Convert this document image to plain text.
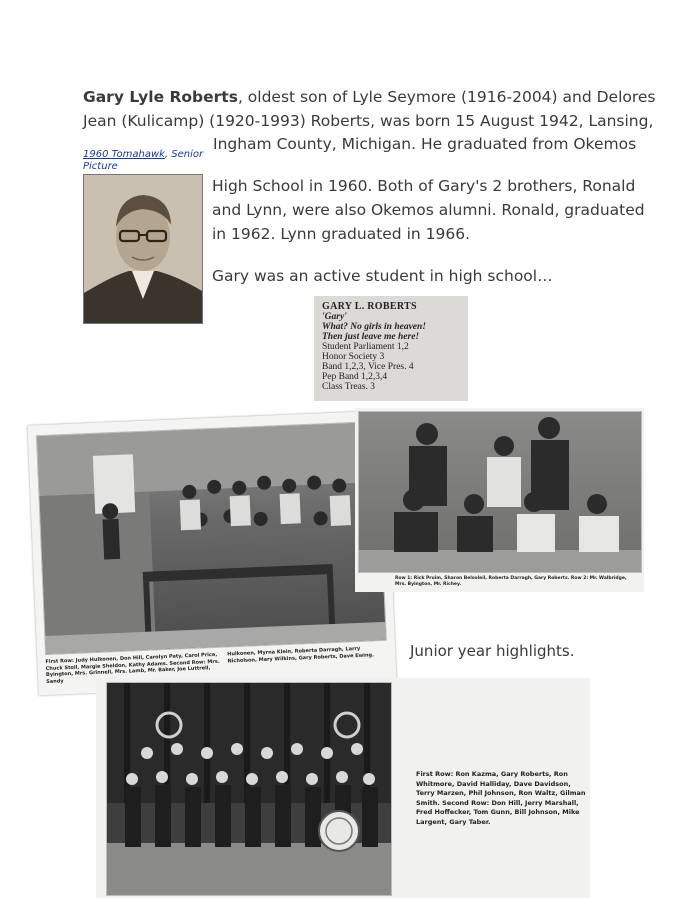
Gary Lyle Roberts, oldest son of Lyle Seymore (1916-2004) and Delores
Jean (Kulicamp) (1920-1993) Roberts, was born 15 August 1942, Lansing,
Ingham County, Michigan. He graduated from Okemos
High School in 1960. Both of Gary's 2 brothers, Ronald
and Lynn, were also Okemos alumni. Ronald, graduated
in 1962. Lynn graduated in 1966.
Gary was an active student in high school…
1960 Tomahawk, Senior Picture
GARY L. ROBERTS
'Gary'
What? No girls in heaven!
Then just leave me here!
Student Parliament 1,2
Honor Society 3
Band 1,2,3, Vice Pres. 4
Pep Band 1,2,3,4
Class Treas. 3
First Row: Judy Hulkonen, Don Hill, Carolyn Paty, Carol Price, Chuck Stoll, Margie Sheldon, Kathy Adams. Second Row: Mrs. Byington, Mrs. Grinnell, Mrs. Lamb, Mr. Baker, Joe Luttrell, Sandy
Hulkonen, Myrna Klein, Roberta Darragh, Larry Nicholson, Mary Wilkins, Gary Roberts, Dave Ewing.
Row 1: Rick Pruim, Sharon Belsoleil, Roberta Darragh, Gary Roberts. Row 2: Mr. Walbridge, Mrs. Byington, Mr. Richey.
Junior year highlights.
First Row: Ron Kazma, Gary Roberts, Ron Whitmore, David Halliday, Dave Davidson, Terry Marzen, Phil Johnson, Ron Waltz, Gilman Smith. Second Row: Don Hill, Jerry Marshall, Fred Hoffecker, Tom Gunn, Bill Johnson, Mike Largent, Gary Taber.
